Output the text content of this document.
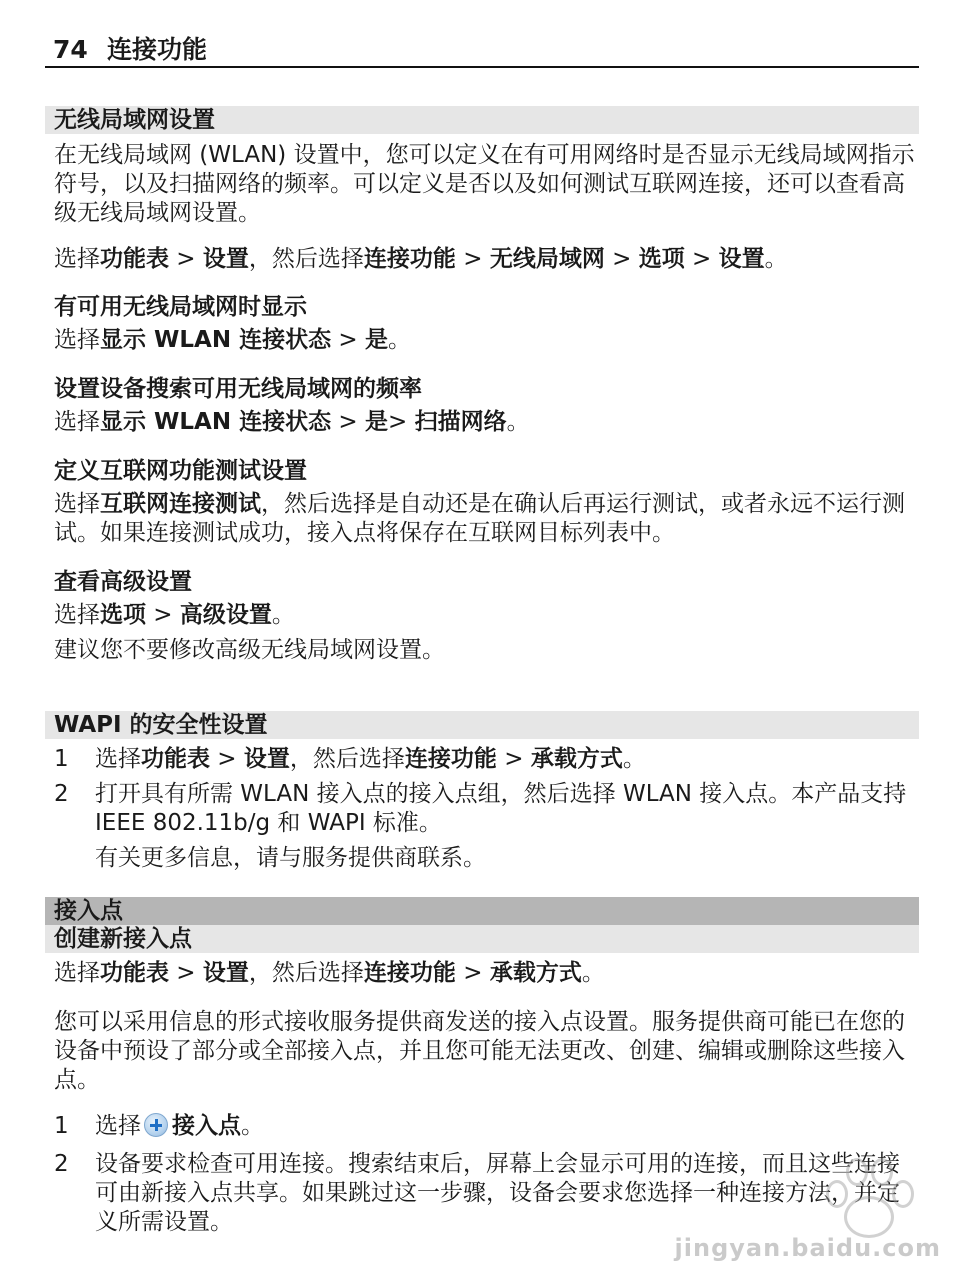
74 连接功能
无线局域网设置

在无线局域网 (WLAN) 设置中，您可以定义在有可用网络时是否显示无线局域网指示符号，以及扫描网络的频率。可以定义是否以及如何测试互联网连接，还可以查看高级无线局域网设置。

选择功能表 > 设置，然后选择连接功能 > 无线局域网 > 选项 > 设置。

有可用无线局域网时显示

选择显示 WLAN 连接状态 > 是。

设置设备搜索可用无线局域网的频率

选择显示 WLAN 连接状态 > 是> 扫描网络。

定义互联网功能测试设置

选择互联网连接测试，然后选择是自动还是在确认后再运行测试，或者永远不运行测试。如果连接测试成功，接入点将保存在互联网目标列表中。

查看高级设置

选择选项 > 高级设置。

建议您不要修改高级无线局域网设置。

WAPI 的安全性设置
1 选择功能表 > 设置，然后选择连接功能 > 承载方式。

2 打开具有所需 WLAN 接入点的接入点组，然后选择 WLAN 接入点。本产品支持 IEEE 802.11b/g 和 WAPI 标准。

有关更多信息，请与服务提供商联系。

接入点
创建新接入点

选择功能表 > 设置，然后选择连接功能 > 承载方式。

您可以采用信息的形式接收服务提供商发送的接入点设置。服务提供商可能已在您的设备中预设了部分或全部接入点，并且您可能无法更改、创建、编辑或删除这些接入点。

1 选择 接入点。

2 设备要求检查可用连接。搜索结束后，屏幕上会显示可用的连接，而且这些连接可由新接入点共享。如果跳过这一步骤，设备会要求您选择一种连接方法，并定义所需设置。

jingyan.baidu.com
